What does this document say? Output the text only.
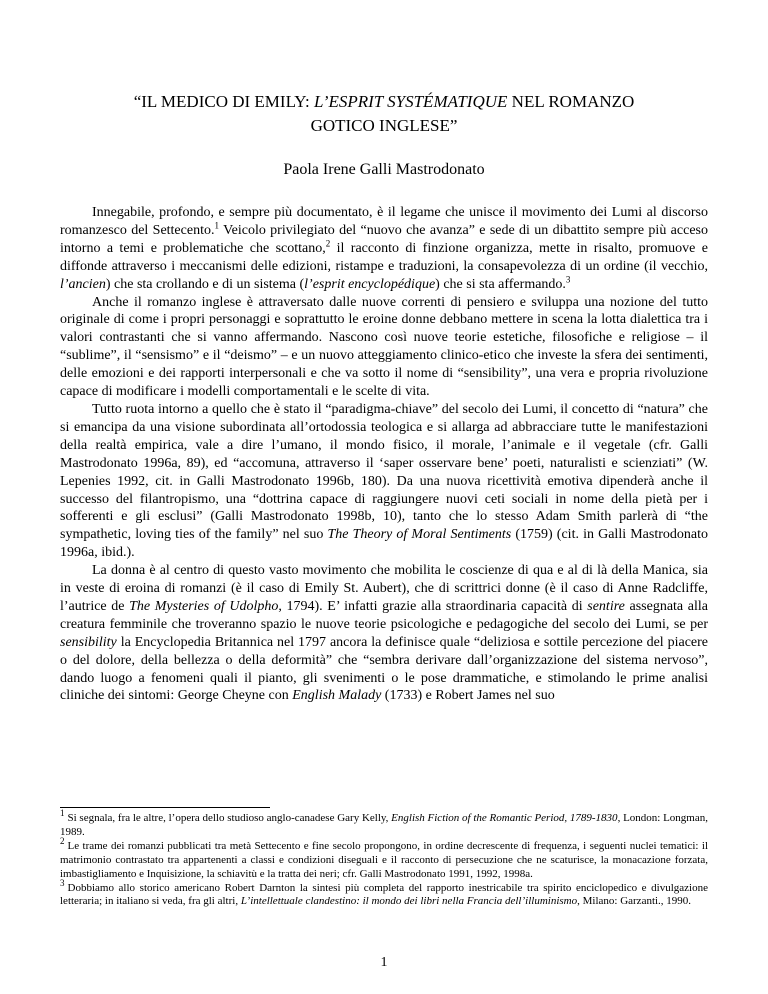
“IL MEDICO DI EMILY: L’ESPRIT SYSTÉMATIQUE NEL ROMANZO
GOTICO INGLESE”
Paola Irene Galli Mastrodonato

Innegabile, profondo, e sempre più documentato, è il legame che unisce il movimento dei Lumi al discorso romanzesco del Settecento.$^1$ Veicolo privilegiato del “nuovo che avanza” e sede di un dibattito sempre più acceso intorno a temi e problematiche che scottano,$^2$ il racconto di finzione organizza, mette in risalto, promuove e diffonde attraverso i meccanismi delle edizioni, ristampe e traduzioni, la consapevolezza di un ordine (il vecchio, l’ancien) che sta crollando e di un sistema (l’esprit encyclopédique) che si sta affermando.$^3$

Anche il romanzo inglese è attraversato dalle nuove correnti di pensiero e sviluppa una nozione del tutto originale di come i propri personaggi e soprattutto le eroine donne debbano mettere in scena la lotta dialettica tra i valori contrastanti che si vanno affermando. Nascono così nuove teorie estetiche, filosofiche e religiose – il “sublime”, il “sensismo” e il “deismo” – e un nuovo atteggiamento clinico-etico che investe la sfera dei sentimenti, delle emozioni e dei rapporti interpersonali e che va sotto il nome di “sensibility”, una vera e propria rivoluzione capace di modificare i modelli comportamentali e le scelte di vita.

Tutto ruota intorno a quello che è stato il “paradigma-chiave” del secolo dei Lumi, il concetto di “natura” che si emancipa da una visione subordinata all’ortodossia teologica e si allarga ad abbracciare tutte le manifestazioni della realtà empirica, vale a dire l’umano, il mondo fisico, il morale, l’animale e il vegetale (cfr. Galli Mastrodonato 1996a, 89), ed “accomuna, attraverso il ‘saper osservare bene’ poeti, naturalisti e scienziati” (W. Lepenies 1992, cit. in Galli Mastrodonato 1996b, 180). Da una nuova ricettività emotiva dipenderà anche il successo del filantropismo, una “dottrina capace di raggiungere nuovi ceti sociali in nome della pietà per i sofferenti e gli esclusi” (Galli Mastrodonato 1998b, 10), tanto che lo stesso Adam Smith parlerà di “the sympathetic, loving ties of the family” nel suo The Theory of Moral Sentiments (1759) (cit. in Galli Mastrodonato 1996a, ibid.).

La donna è al centro di questo vasto movimento che mobilita le coscienze di qua e al di là della Manica, sia in veste di eroina di romanzi (è il caso di Emily St. Aubert), che di scrittrici donne (è il caso di Anne Radcliffe, l’autrice de The Mysteries of Udolpho, 1794). E’ infatti grazie alla straordinaria capacità di sentire assegnata alla creatura femminile che troveranno spazio le nuove teorie psicologiche e pedagogiche del secolo dei Lumi, se per sensibility la Encyclopedia Britannica nel 1797 ancora la definisce quale “deliziosa e sottile percezione del piacere o del dolore, della bellezza o della deformità” che “sembra derivare dall’organizzazione del sistema nervoso”, dando luogo a fenomeni quali il pianto, gli svenimenti o le pose drammatiche, e stimolando le prime analisi cliniche dei sintomi: George Cheyne con English Malady (1733) e Robert James nel suo

$^1$ Si segnala, fra le altre, l’opera dello studioso anglo-canadese Gary Kelly, English Fiction of the Romantic Period, 1789-1830, London: Longman, 1989.

$^2$ Le trame dei romanzi pubblicati tra metà Settecento e fine secolo propongono, in ordine decrescente di frequenza, i seguenti nuclei tematici: il matrimonio contrastato tra appartenenti a classi e condizioni diseguali e il racconto di persecuzione che ne scaturisce, la monacazione forzata, imbastigliamento e Inquisizione, la schiavitù e la tratta dei neri; cfr. Galli Mastrodonato 1991, 1992, 1998a.

$^3$ Dobbiamo allo storico americano Robert Darnton la sintesi più completa del rapporto inestricabile tra spirito enciclopedico e divulgazione letteraria; in italiano si veda, fra gli altri, L’intellettuale clandestino: il mondo dei libri nella Francia dell’illuminismo, Milano: Garzanti., 1990.

1
